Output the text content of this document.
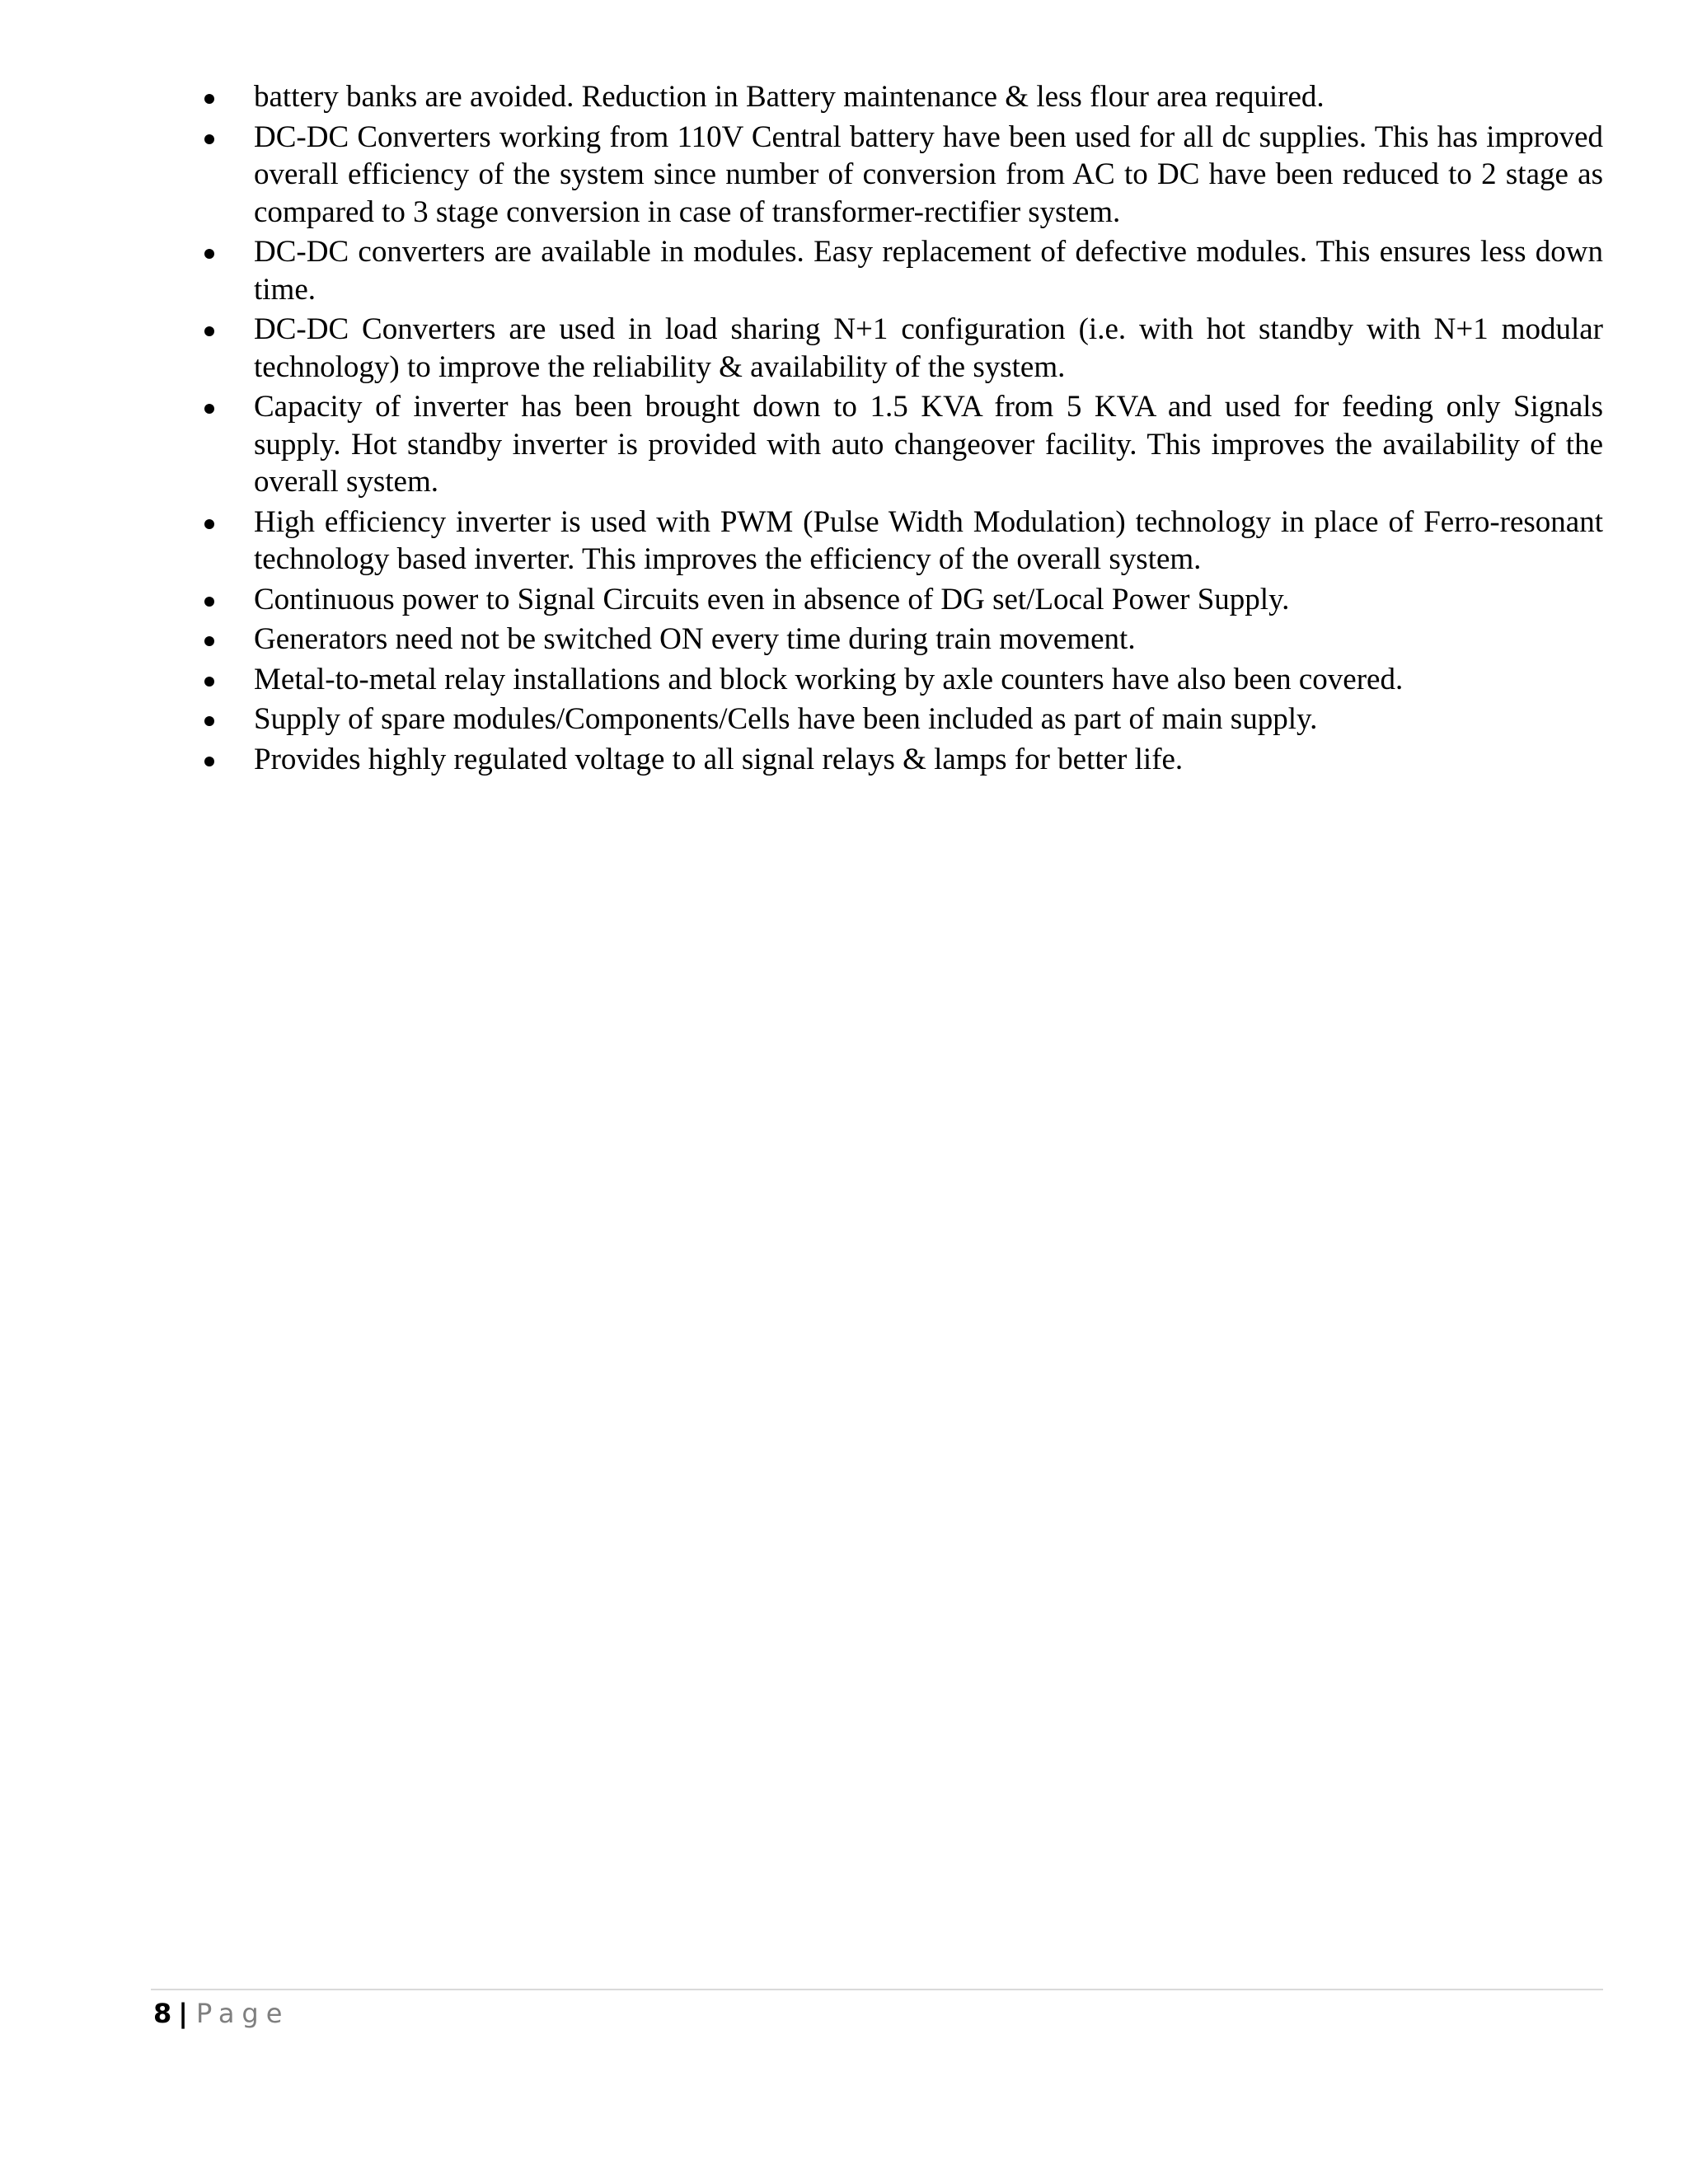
battery banks are avoided. Reduction in Battery maintenance & less flour area required.
DC-DC Converters working from 110V Central battery have been used for all dc supplies. This has improved overall efficiency of the system since number of conversion from AC to DC have been reduced to 2 stage as compared to 3 stage conversion in case of transformer-rectifier system.
DC-DC converters are available in modules. Easy replacement of defective modules. This ensures less down time.
DC-DC Converters are used in load sharing N+1 configuration (i.e. with hot standby with N+1 modular technology) to improve the reliability & availability of the system.
Capacity of inverter has been brought down to 1.5 KVA from 5 KVA and used for feeding only Signals supply. Hot standby inverter is provided with auto changeover facility. This improves the availability of the overall system.
High efficiency inverter is used with PWM (Pulse Width Modulation) technology in place of Ferro-resonant technology based inverter. This improves the efficiency of the overall system.
Continuous power to Signal Circuits even in absence of DG set/Local Power Supply.
Generators need not be switched ON every time during train movement.
Metal-to-metal relay installations and block working by axle counters have also been covered.
Supply of spare modules/Components/Cells have been included as part of main supply.
Provides highly regulated voltage to all signal relays & lamps for better life.
8 | Page
